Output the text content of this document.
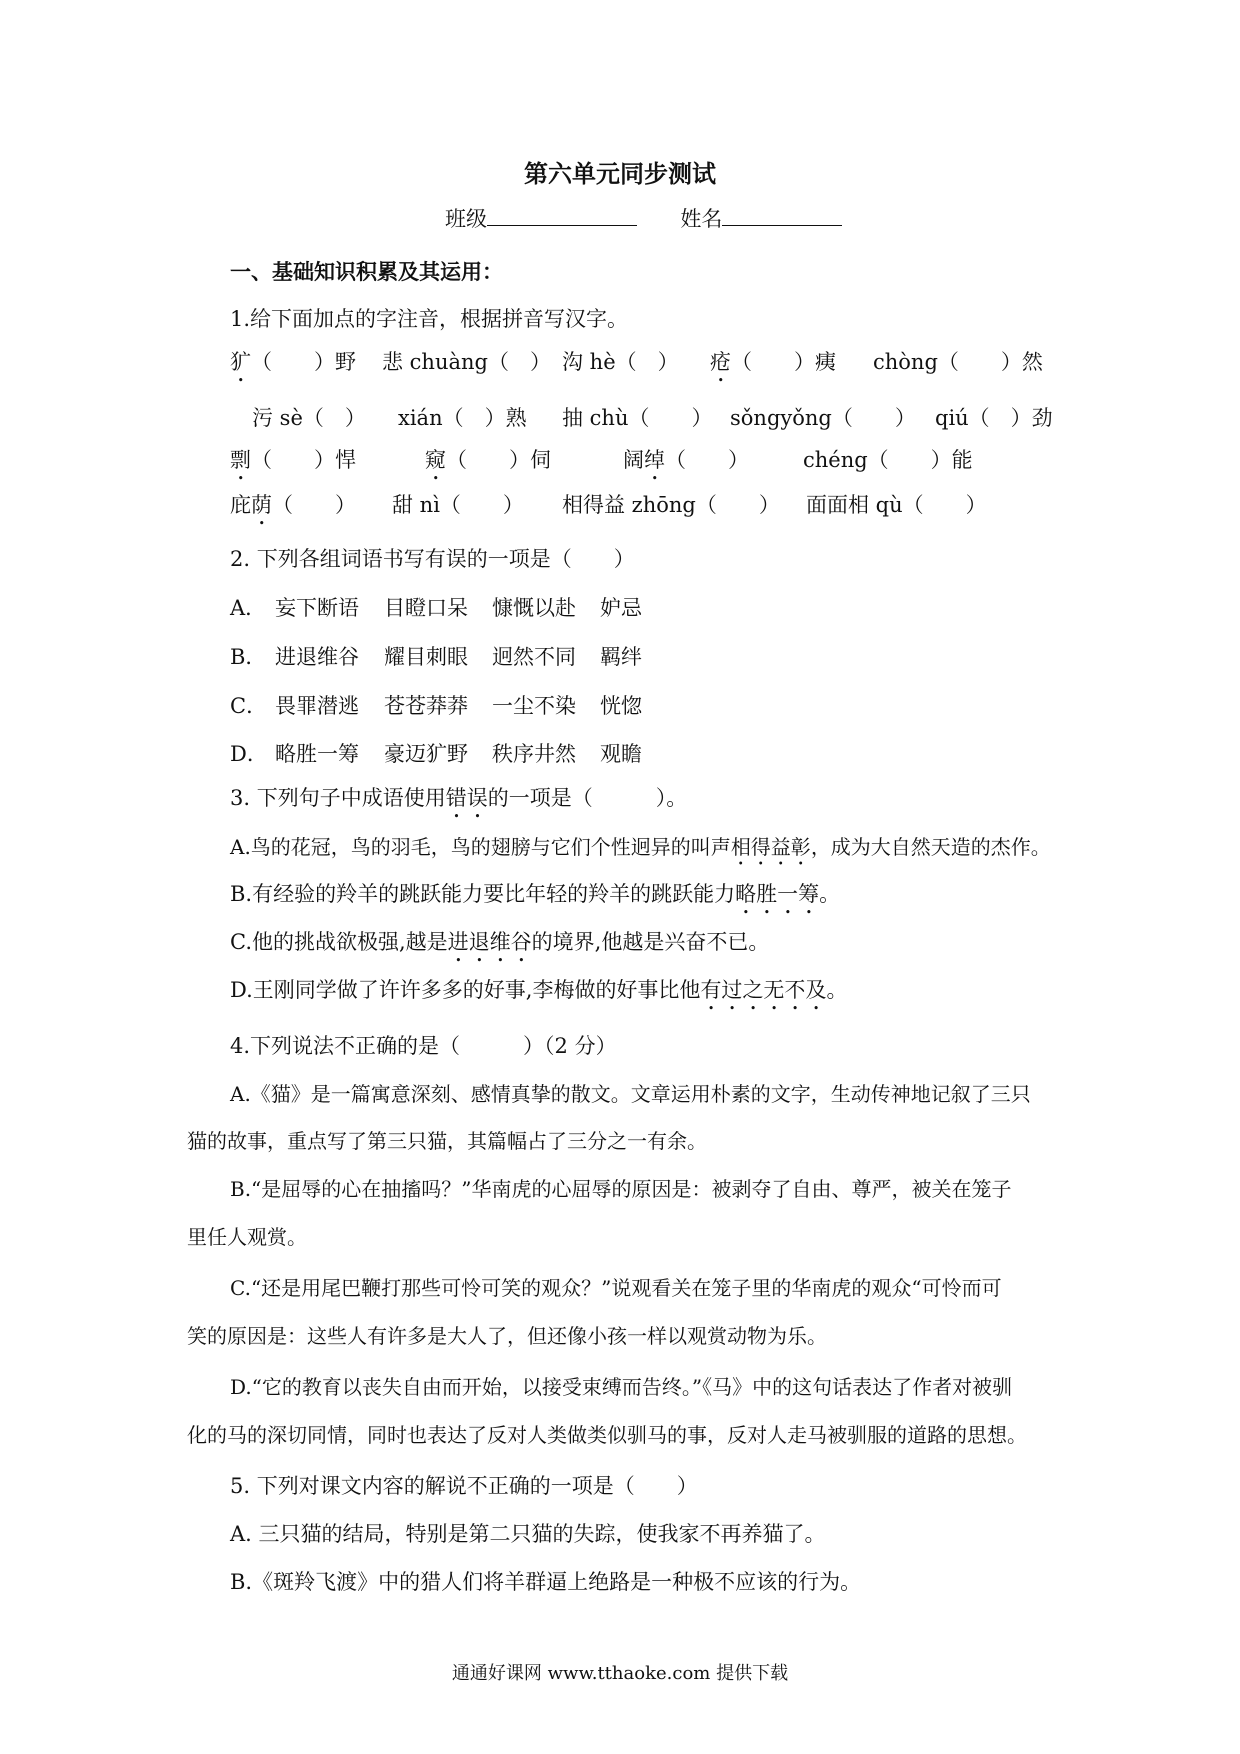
第六单元同步测试
班级	姓名
一、基础知识积累及其运用：
1.给下面加点的字注音，根据拼音写汉字。
犷（　　）野 悲 chuàng（　） 沟 hè（　） 疮（　　）痍 chòng（　　）然
污 sè（　） xián（　）熟 抽 chù（　　） sǒngyǒng（　　） qiú（　）劲
剽（　　）悍	窥（　　）伺	阔绰（　　）	chéng（　　）能
庇荫（　　） 甜 nì（　　） 相得益 zhōng（　　） 面面相 qù（　　）
2. 下列各组词语书写有误的一项是（　　）
A． 妄下断语 目瞪口呆 慷慨以赴 妒忌
B． 进退维谷 耀目刺眼 迥然不同 羁绊
C． 畏罪潜逃 苍苍莽莽 一尘不染 恍惚
D． 略胜一筹 豪迈犷野 秩序井然 观瞻
3. 下列句子中成语使用错误的一项是（　　　）。
A.鸟的花冠，鸟的羽毛，鸟的翅膀与它们个性迥异的叫声相得益彰，成为大自然天造的杰作。
B.有经验的羚羊的跳跃能力要比年轻的羚羊的跳跃能力略胜一筹。
C.他的挑战欲极强,越是进退维谷的境界,他越是兴奋不已。
D.王刚同学做了许许多多的好事,李梅做的好事比他有过之无不及。
4.下列说法不正确的是（　　　）（2 分）
A.《猫》是一篇寓意深刻、感情真挚的散文。文章运用朴素的文字，生动传神地记叙了三只
猫的故事，重点写了第三只猫，其篇幅占了三分之一有余。
B.“是屈辱的心在抽搐吗？”华南虎的心屈辱的原因是：被剥夺了自由、尊严，被关在笼子
里任人观赏。
C.“还是用尾巴鞭打那些可怜可笑的观众？”说观看关在笼子里的华南虎的观众“可怜而可
笑的原因是：这些人有许多是大人了，但还像小孩一样以观赏动物为乐。
D.“它的教育以丧失自由而开始，以接受束缚而告终。”《马》中的这句话表达了作者对被驯
化的马的深切同情，同时也表达了反对人类做类似驯马的事，反对人走马被驯服的道路的思想。
5. 下列对课文内容的解说不正确的一项是（　　）
A. 三只猫的结局，特别是第二只猫的失踪，使我家不再养猫了。
B.《斑羚飞渡》中的猎人们将羊群逼上绝路是一种极不应该的行为。
通通好课网 www.tthaoke.com 提供下载
